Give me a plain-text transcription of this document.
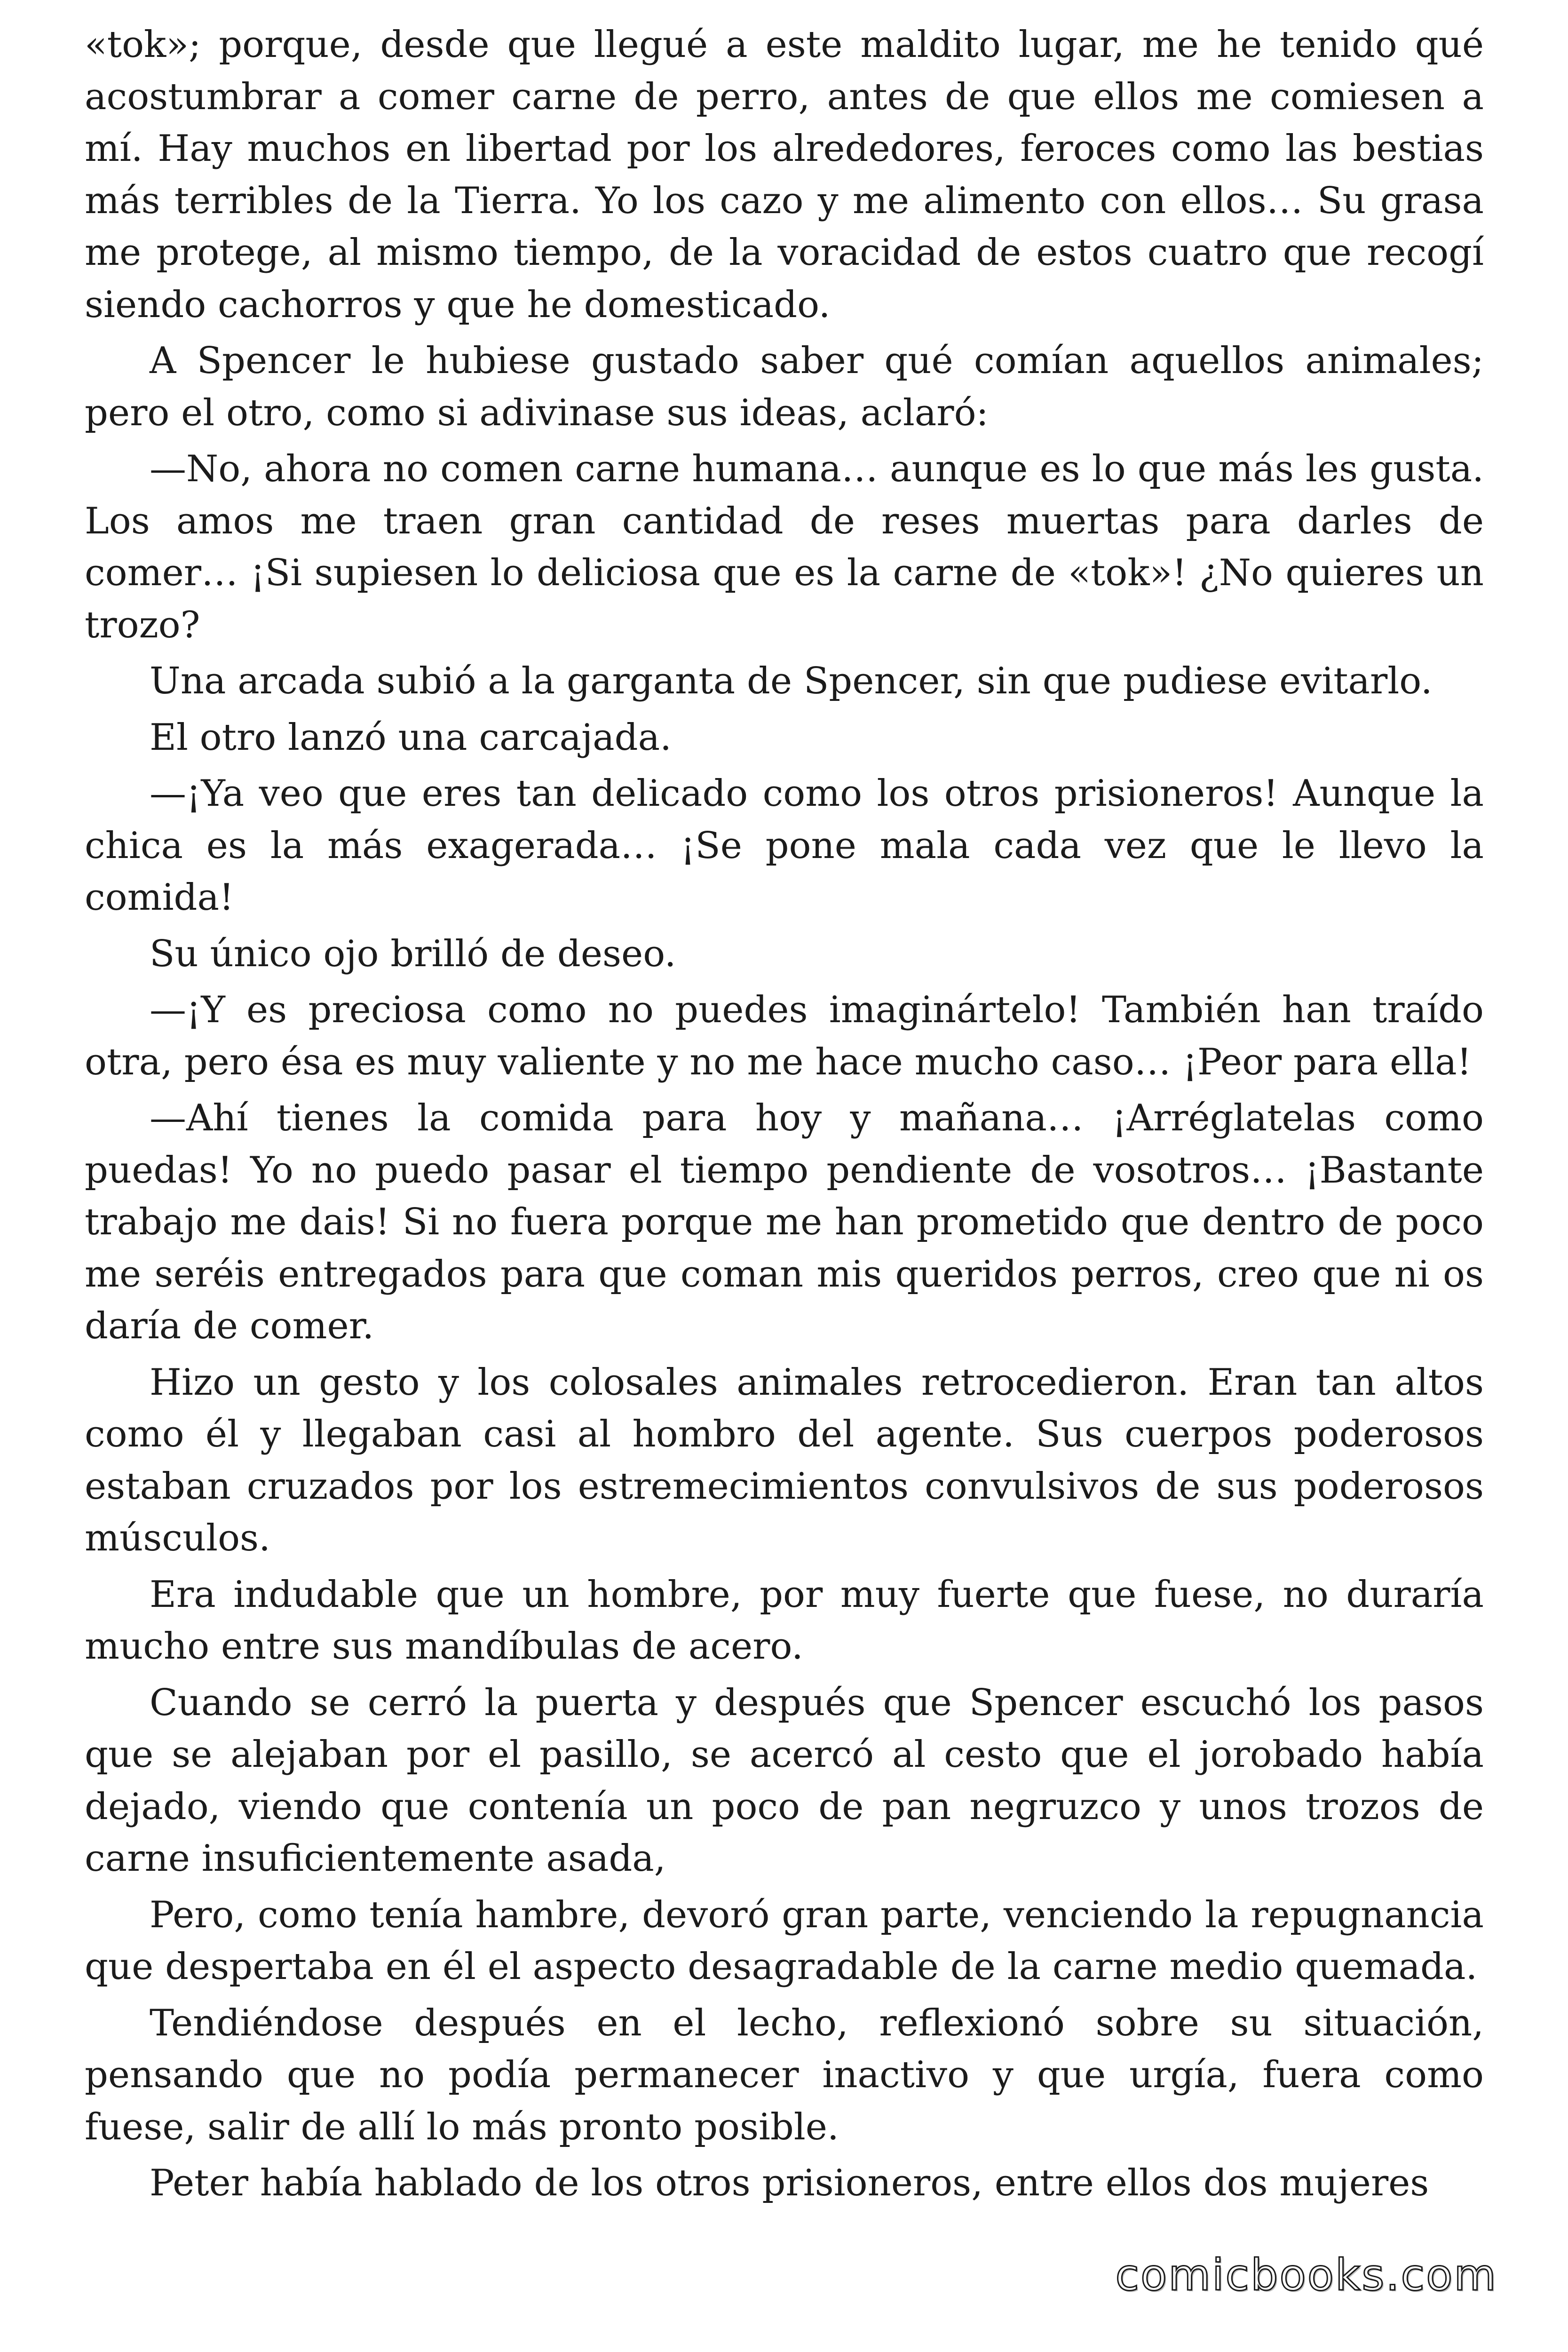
«tok»; porque, desde que llegué a este maldito lugar, me he tenido qué acostumbrar a comer carne de perro, antes de que ellos me comiesen a mí. Hay muchos en libertad por los alrededores, feroces como las bestias más terribles de la Tierra. Yo los cazo y me alimento con ellos… Su grasa me protege, al mismo tiempo, de la voracidad de estos cuatro que recogí siendo cachorros y que he domesticado.

A Spencer le hubiese gustado saber qué comían aquellos animales; pero el otro, como si adivinase sus ideas, aclaró:

—No, ahora no comen carne humana… aunque es lo que más les gusta. Los amos me traen gran cantidad de reses muertas para darles de comer… ¡Si supiesen lo deliciosa que es la carne de «tok»! ¿No quieres un trozo?

Una arcada subió a la garganta de Spencer, sin que pudiese evitarlo.

El otro lanzó una carcajada.

—¡Ya veo que eres tan delicado como los otros prisioneros! Aunque la chica es la más exagerada… ¡Se pone mala cada vez que le llevo la comida!

Su único ojo brilló de deseo.

—¡Y es preciosa como no puedes imaginártelo! También han traído otra, pero ésa es muy valiente y no me hace mucho caso… ¡Peor para ella!

—Ahí tienes la comida para hoy y mañana… ¡Arréglatelas como puedas! Yo no puedo pasar el tiempo pendiente de vosotros… ¡Bastante trabajo me dais! Si no fuera porque me han prometido que dentro de poco me seréis entregados para que coman mis queridos perros, creo que ni os daría de comer.

Hizo un gesto y los colosales animales retrocedieron. Eran tan altos como él y llegaban casi al hombro del agente. Sus cuerpos poderosos estaban cruzados por los estremecimientos convulsivos de sus poderosos músculos.

Era indudable que un hombre, por muy fuerte que fuese, no duraría mucho entre sus mandíbulas de acero.

Cuando se cerró la puerta y después que Spencer escuchó los pasos que se alejaban por el pasillo, se acercó al cesto que el jorobado había dejado, viendo que contenía un poco de pan negruzco y unos trozos de carne insuficientemente asada,

Pero, como tenía hambre, devoró gran parte, venciendo la repugnancia que despertaba en él el aspecto desagradable de la carne medio quemada.

Tendiéndose después en el lecho, reflexionó sobre su situación, pensando que no podía permanecer inactivo y que urgía, fuera como fuese, salir de allí lo más pronto posible.

Peter había hablado de los otros prisioneros, entre ellos dos mujeres

comicbooks.com
